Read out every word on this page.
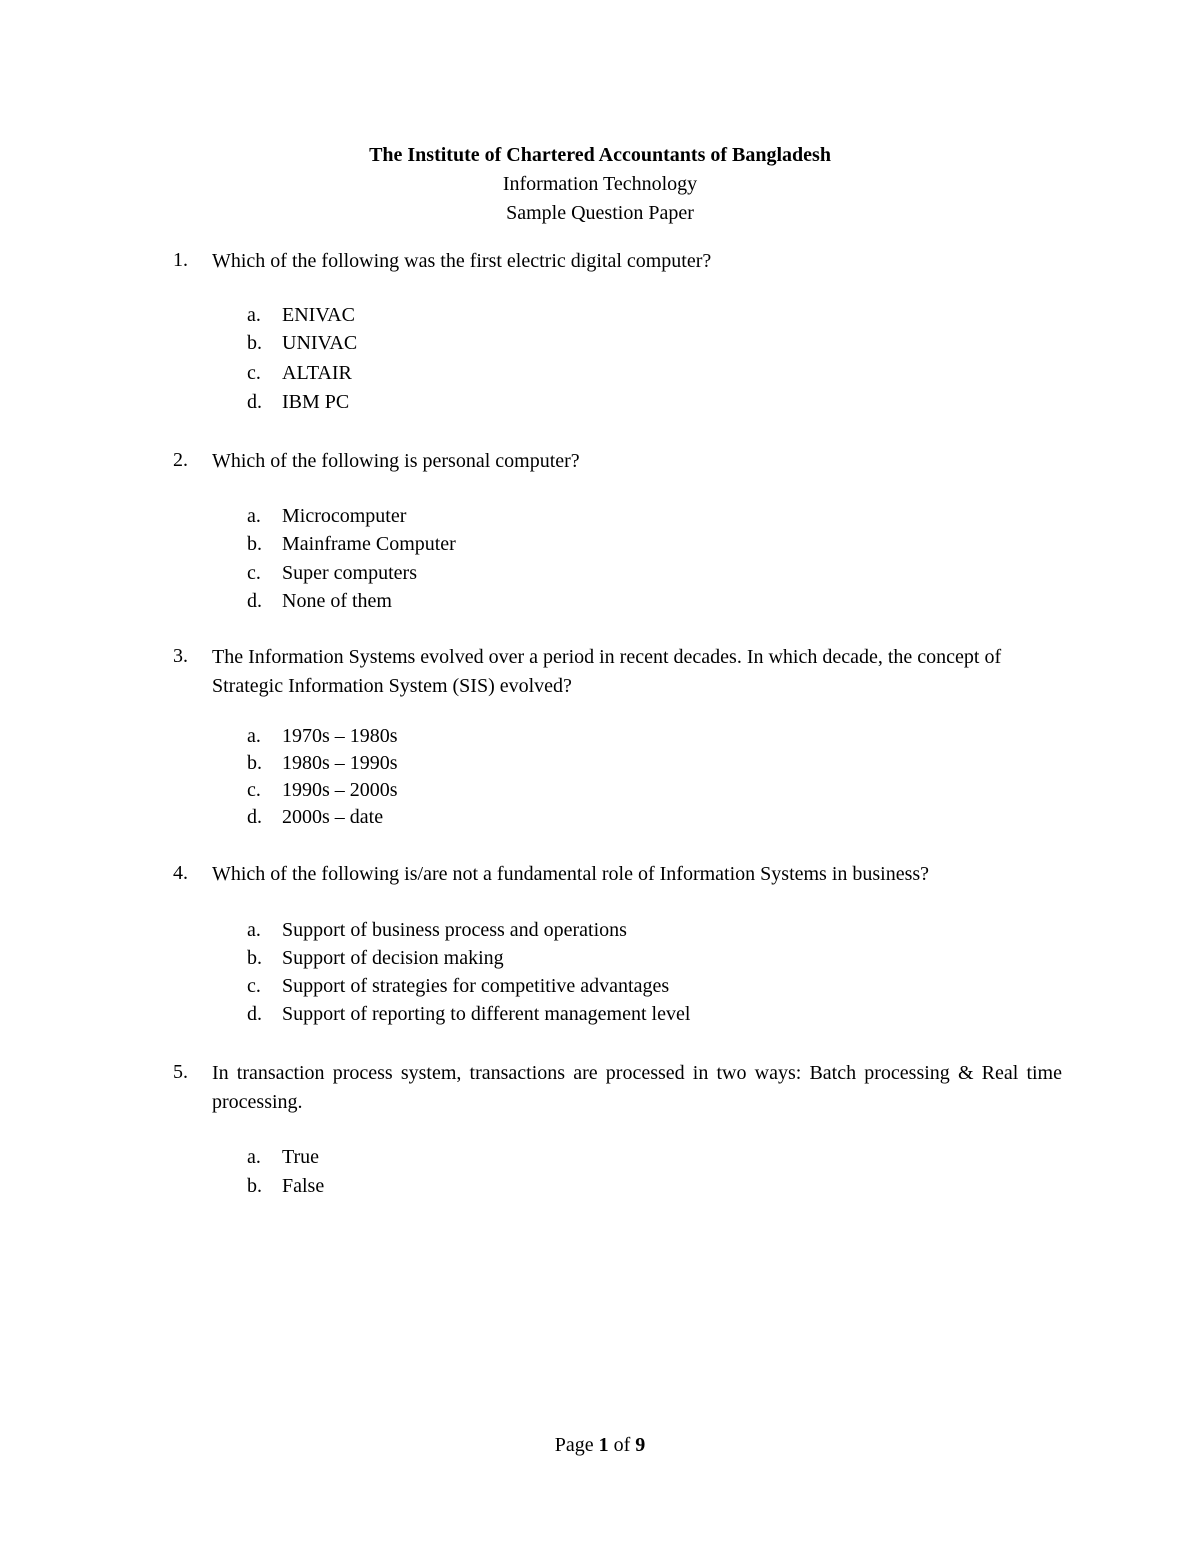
The Institute of Chartered Accountants of Bangladesh
Information Technology
Sample Question Paper
1. Which of the following was the first electric digital computer?
a. ENIVAC
b. UNIVAC
c. ALTAIR
d. IBM PC
2. Which of the following is personal computer?
a. Microcomputer
b. Mainframe Computer
c. Super computers
d. None of them
3. The Information Systems evolved over a period in recent decades. In which decade, the concept of Strategic Information System (SIS) evolved?
a. 1970s – 1980s
b. 1980s – 1990s
c. 1990s – 2000s
d. 2000s – date
4. Which of the following is/are not a fundamental role of Information Systems in business?
a. Support of business process and operations
b. Support of decision making
c. Support of strategies for competitive advantages
d. Support of reporting to different management level
5. In transaction process system, transactions are processed in two ways: Batch processing & Real time processing.
a. True
b. False
Page 1 of 9
